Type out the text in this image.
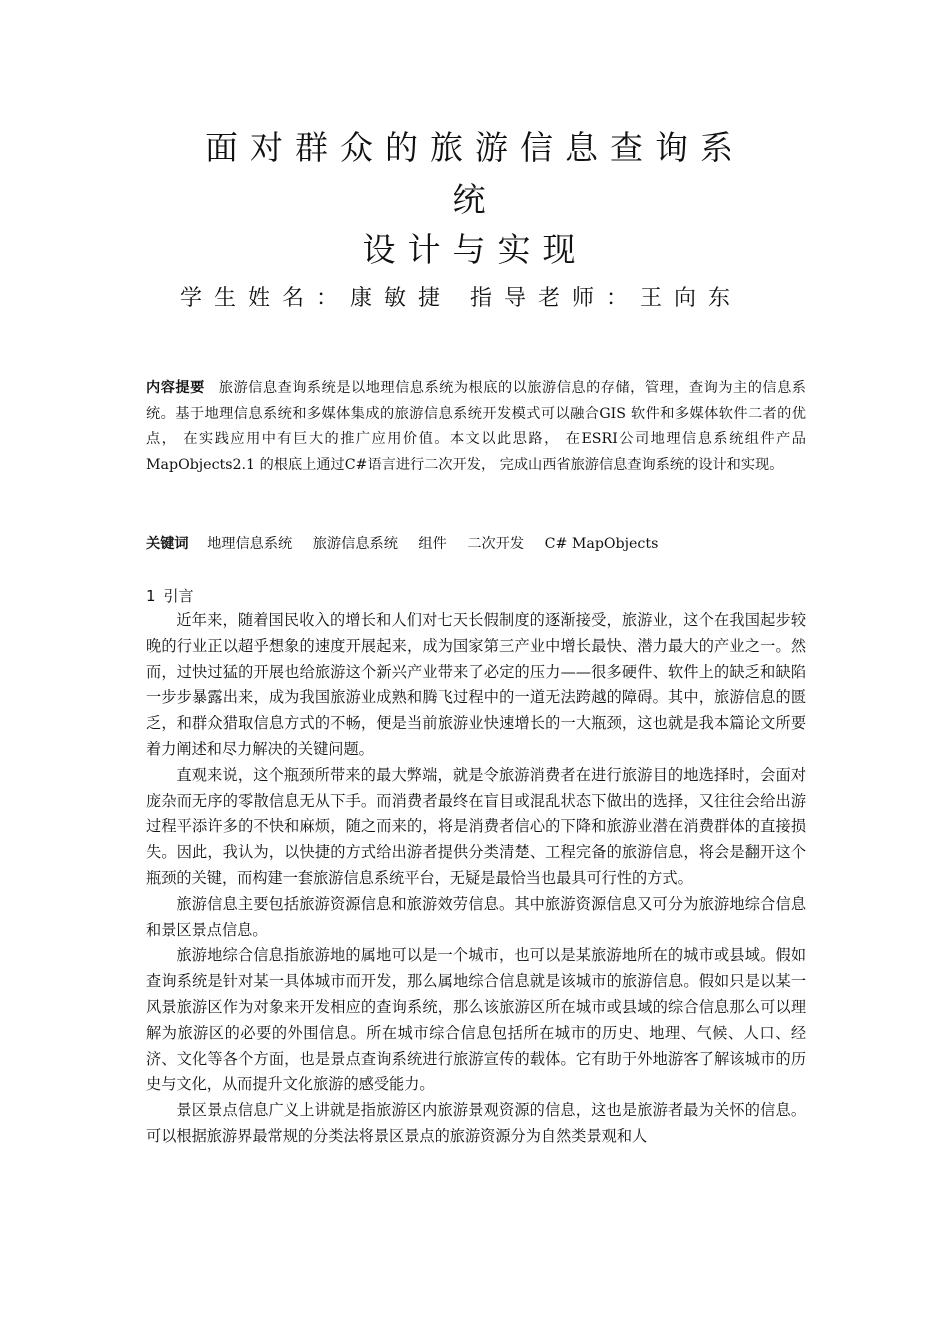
面对群众的旅游信息查询系
统
设计与实现
学生姓名：康敏捷 指导老师：王向东

内容提要 旅游信息查询系统是以地理信息系统为根底的以旅游信息的存储，管理，查询为主的信息系统。基于地理信息系统和多媒体集成的旅游信息系统开发模式可以融合GIS 软件和多媒体软件二者的优点， 在实践应用中有巨大的推广应用价值。本文以此思路， 在ESRI公司地理信息系统组件产品MapObjects2.1 的根底上通过C#语言进行二次开发， 完成山西省旅游信息查询系统的设计和实现。

关键词 地理信息系统 旅游信息系统 组件 二次开发 C# MapObjects

1 引言

近年来，随着国民收入的增长和人们对七天长假制度的逐渐接受，旅游业，这个在我国起步较晚的行业正以超乎想象的速度开展起来，成为国家第三产业中增长最快、潜力最大的产业之一。然而，过快过猛的开展也给旅游这个新兴产业带来了必定的压力——很多硬件、软件上的缺乏和缺陷一步步暴露出来，成为我国旅游业成熟和腾飞过程中的一道无法跨越的障碍。其中，旅游信息的匮乏，和群众猎取信息方式的不畅，便是当前旅游业快速增长的一大瓶颈，这也就是我本篇论文所要着力阐述和尽力解决的关键问题。

直观来说，这个瓶颈所带来的最大弊端，就是令旅游消费者在进行旅游目的地选择时，会面对庞杂而无序的零散信息无从下手。而消费者最终在盲目或混乱状态下做出的选择，又往往会给出游过程平添许多的不快和麻烦，随之而来的，将是消费者信心的下降和旅游业潜在消费群体的直接损失。因此，我认为，以快捷的方式给出游者提供分类清楚、工程完备的旅游信息，将会是翻开这个瓶颈的关键，而构建一套旅游信息系统平台，无疑是最恰当也最具可行性的方式。

旅游信息主要包括旅游资源信息和旅游效劳信息。其中旅游资源信息又可分为旅游地综合信息和景区景点信息。

旅游地综合信息指旅游地的属地可以是一个城市，也可以是某旅游地所在的城市或县域。假如查询系统是针对某一具体城市而开发，那么属地综合信息就是该城市的旅游信息。假如只是以某一风景旅游区作为对象来开发相应的查询系统，那么该旅游区所在城市或县域的综合信息那么可以理解为旅游区的必要的外围信息。所在城市综合信息包括所在城市的历史、地理、气候、人口、经济、文化等各个方面，也是景点查询系统进行旅游宣传的载体。它有助于外地游客了解该城市的历史与文化，从而提升文化旅游的感受能力。

景区景点信息广义上讲就是指旅游区内旅游景观资源的信息，这也是旅游者最为关怀的信息。可以根据旅游界最常规的分类法将景区景点的旅游资源分为自然类景观和人
